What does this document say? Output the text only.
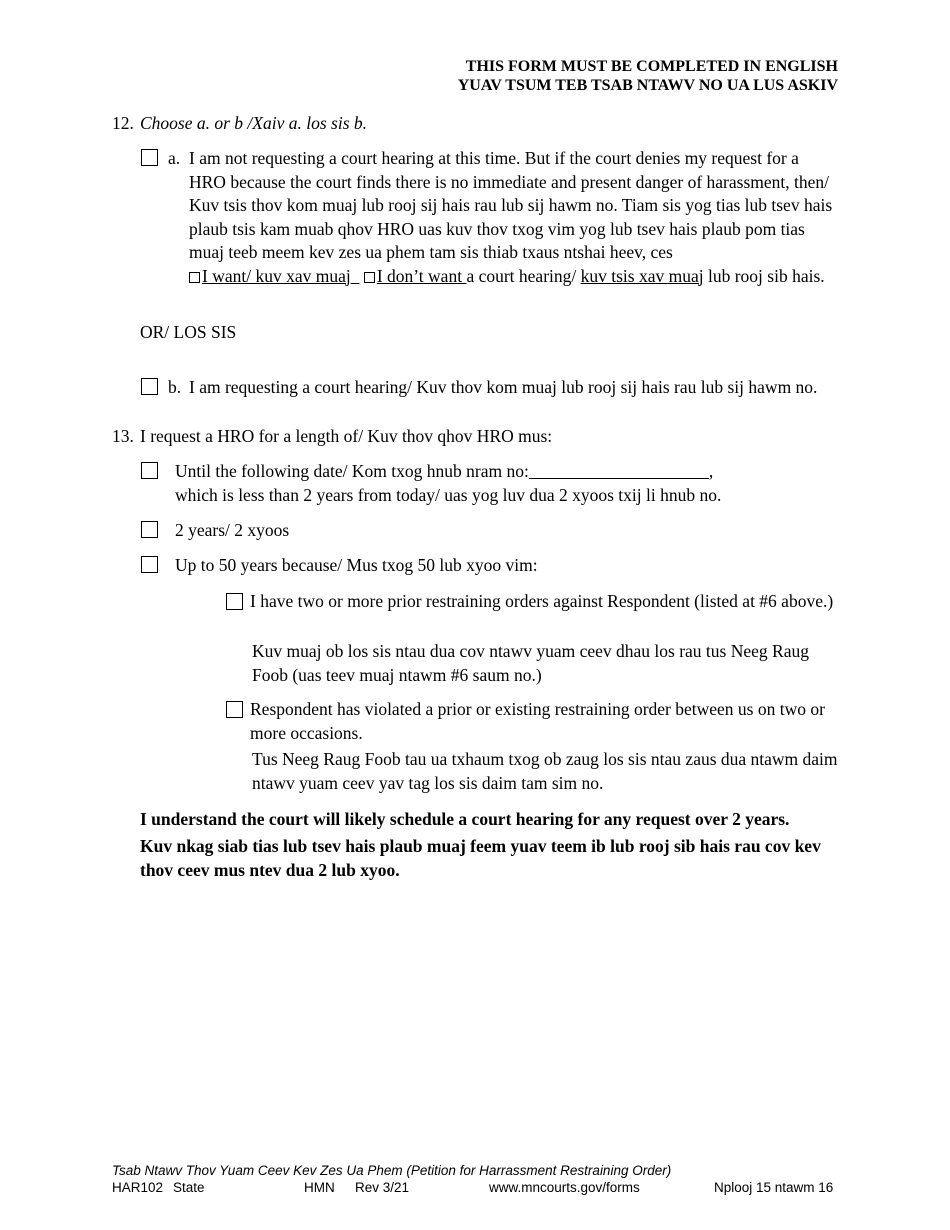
THIS FORM MUST BE COMPLETED IN ENGLISH
YUAV TSUM TEB TSAB NTAWV NO UA LUS ASKIV
12. Choose a. or b /Xaiv a. los sis b.
a. I am not requesting a court hearing at this time. But if the court denies my request for a HRO because the court finds there is no immediate and present danger of harassment, then/ Kuv tsis thov kom muaj lub rooj sij hais rau lub sij hawm no. Tiam sis yog tias lub tsev hais plaub tsis kam muab qhov HRO uas kuv thov txog vim yog lub tsev hais plaub pom tias muaj teeb meem kev zes ua phem tam sis thiab txaus ntshai heev, ces
I want/ kuv xav muaj I don’t want a court hearing/ kuv tsis xav muaj lub rooj sib hais.
OR/ LOS SIS
b. I am requesting a court hearing/ Kuv thov kom muaj lub rooj sij hais rau lub sij hawm no.
13. I request a HRO for a length of/ Kuv thov qhov HRO mus:
Until the following date/ Kom txog hnub nram no:	,
which is less than 2 years from today/ uas yog luv dua 2 xyoos txij li hnub no.
2 years/ 2 xyoos
Up to 50 years because/ Mus txog 50 lub xyoo vim:
I have two or more prior restraining orders against Respondent (listed at #6 above.)
Kuv muaj ob los sis ntau dua cov ntawv yuam ceev dhau los rau tus Neeg Raug Foob (uas teev muaj ntawm #6 saum no.)
Respondent has violated a prior or existing restraining order between us on two or more occasions.
Tus Neeg Raug Foob tau ua txhaum txog ob zaug los sis ntau zaus dua ntawm daim ntawv yuam ceev yav tag los sis daim tam sim no.
I understand the court will likely schedule a court hearing for any request over 2 years.
Kuv nkag siab tias lub tsev hais plaub muaj feem yuav teem ib lub rooj sib hais rau cov kev thov ceev mus ntev dua 2 lub xyoo.
Tsab Ntawv Thov Yuam Ceev Kev Zes Ua Phem (Petition for Harrassment Restraining Order)
HAR102 State	HMN Rev 3/21	www.mncourts.gov/forms	Nplooj 15 ntawm 16
